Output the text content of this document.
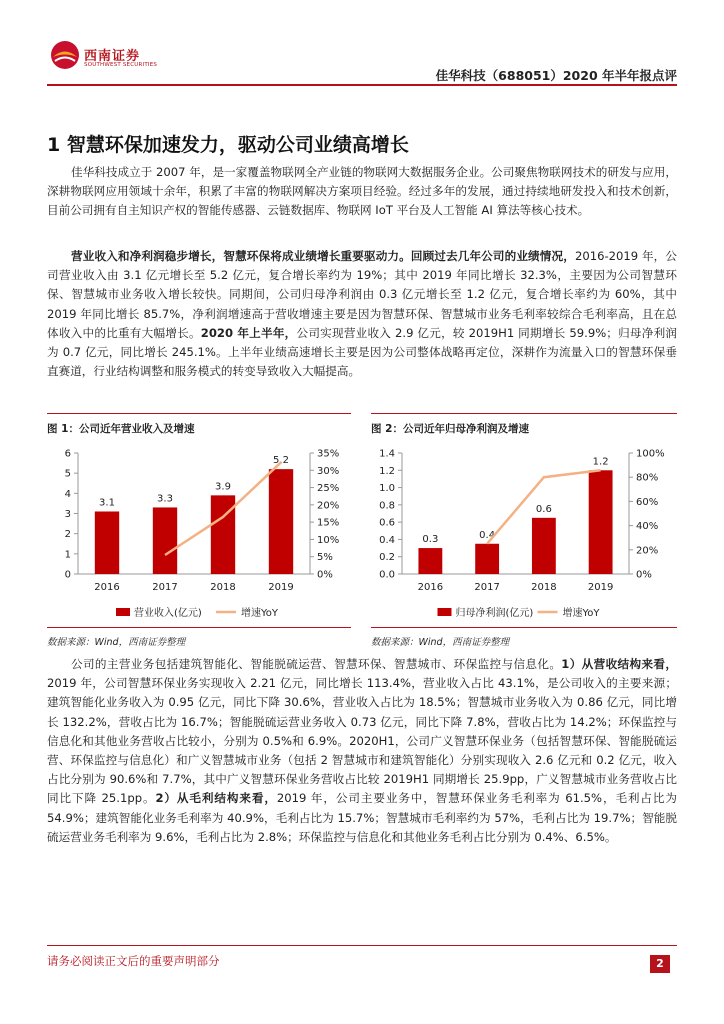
西南证券
SOUTHWEST SECURITIES
佳华科技（688051）2020 年半年报点评
1 智慧环保加速发力，驱动公司业绩高增长

佳华科技成立于 2007 年，是一家覆盖物联网全产业链的物联网大数据服务企业。公司聚焦物联网技术的研发与应用，深耕物联网应用领域十余年，积累了丰富的物联网解决方案项目经验。经过多年的发展，通过持续地研发投入和技术创新，目前公司拥有自主知识产权的智能传感器、云链数据库、物联网 IoT 平台及人工智能 AI 算法等核心技术。

营业收入和净利润稳步增长，智慧环保将成业绩增长重要驱动力。回顾过去几年公司的业绩情况，2016-2019 年，公司营业收入由 3.1 亿元增长至 5.2 亿元，复合增长率约为 19%；其中 2019 年同比增长 32.3%，主要因为公司智慧环保、智慧城市业务收入增长较快。同期间，公司归母净利润由 0.3 亿元增长至 1.2 亿元，复合增长率约为 60%，其中 2019 年同比增长 85.7%，净利润增速高于营收增速主要是因为智慧环保、智慧城市业务毛利率较综合毛利率高，且在总体收入中的比重有大幅增长。2020 年上半年，公司实现营业收入 2.9 亿元，较 2019H1 同期增长 59.9%；归母净利润为 0.7 亿元，同比增长 245.1%。上半年业绩高速增长主要是因为公司整体战略再定位，深耕作为流量入口的智慧环保垂直赛道，行业结构调整和服务模式的转变导致收入大幅提高。

图 1：公司近年营业收入及增速
0
1
2
3
4
5
6
0%
5%
10%
15%
20%
25%
30%
35%
3.1
2016
3.3
2017
3.9
2018
5.2
2019
营业收入(亿元)	增速YoY
数据来源：Wind，西南证券整理
图 2：公司近年归母净利润及增速
0.0
0.2
0.4
0.6
0.8
1.0
1.2
1.4
0%
20%
40%
60%
80%
100%
0.3
2016
0.4
2017
0.6
2018
1.2
2019
归母净利润(亿元)	增速YoY
数据来源：Wind，西南证券整理

公司的主营业务包括建筑智能化、智能脱硫运营、智慧环保、智慧城市、环保监控与信息化。1）从营收结构来看，2019 年，公司智慧环保业务实现收入 2.21 亿元，同比增长 113.4%，营业收入占比 43.1%，是公司收入的主要来源；建筑智能化业务收入为 0.95 亿元，同比下降 30.6%，营业收入占比为 18.5%；智慧城市业务收入为 0.86 亿元，同比增长 132.2%，营收占比为 16.7%；智能脱硫运营业务收入 0.73 亿元，同比下降 7.8%，营收占比为 14.2%；环保监控与信息化和其他业务营收占比较小，分别为 0.5%和 6.9%。2020H1，公司广义智慧环保业务（包括智慧环保、智能脱硫运营、环保监控与信息化）和广义智慧城市业务（包括 2 智慧城市和建筑智能化）分别实现收入 2.6 亿元和 0.2 亿元，收入占比分别为 90.6%和 7.7%，其中广义智慧环保业务营收占比较 2019H1 同期增长 25.9pp，广义智慧城市业务营收占比同比下降 25.1pp。2）从毛利结构来看，2019 年，公司主要业务中，智慧环保业务毛利率为 61.5%，毛利占比为 54.9%；建筑智能化业务毛利率为 40.9%，毛利占比为 15.7%；智慧城市毛利率约为 57%，毛利占比为 19.7%；智能脱硫运营业务毛利率为 9.6%，毛利占比为 2.8%；环保监控与信息化和其他业务毛利占比分别为 0.4%、6.5%。

请务必阅读正文后的重要声明部分	2
